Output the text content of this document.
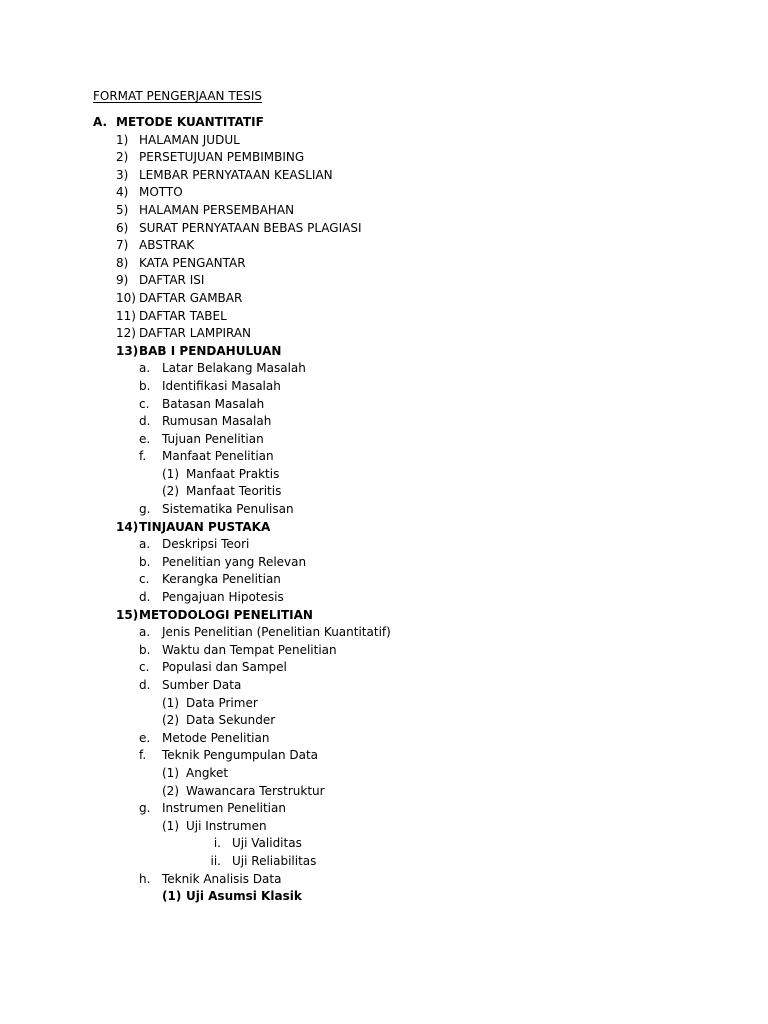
FORMAT PENGERJAAN TESIS
A. METODE KUANTITATIF
1) HALAMAN JUDUL
2) PERSETUJUAN PEMBIMBING
3) LEMBAR PERNYATAAN KEASLIAN
4) MOTTO
5) HALAMAN PERSEMBAHAN
6) SURAT PERNYATAAN BEBAS PLAGIASI
7) ABSTRAK
8) KATA PENGANTAR
9) DAFTAR ISI
10) DAFTAR GAMBAR
11) DAFTAR TABEL
12) DAFTAR LAMPIRAN
13) BAB I PENDAHULUAN
a. Latar Belakang Masalah
b. Identifikasi Masalah
c. Batasan Masalah
d. Rumusan Masalah
e. Tujuan Penelitian
f. Manfaat Penelitian
(1) Manfaat Praktis
(2) Manfaat Teoritis
g. Sistematika Penulisan
14) TINJAUAN PUSTAKA
a. Deskripsi Teori
b. Penelitian yang Relevan
c. Kerangka Penelitian
d. Pengajuan Hipotesis
15) METODOLOGI PENELITIAN
a. Jenis Penelitian (Penelitian Kuantitatif)
b. Waktu dan Tempat Penelitian
c. Populasi dan Sampel
d. Sumber Data
(1) Data Primer
(2) Data Sekunder
e. Metode Penelitian
f. Teknik Pengumpulan Data
(1) Angket
(2) Wawancara Terstruktur
g. Instrumen Penelitian
(1) Uji Instrumen
i. Uji Validitas
ii. Uji Reliabilitas
h. Teknik Analisis Data
(1) Uji Asumsi Klasik
